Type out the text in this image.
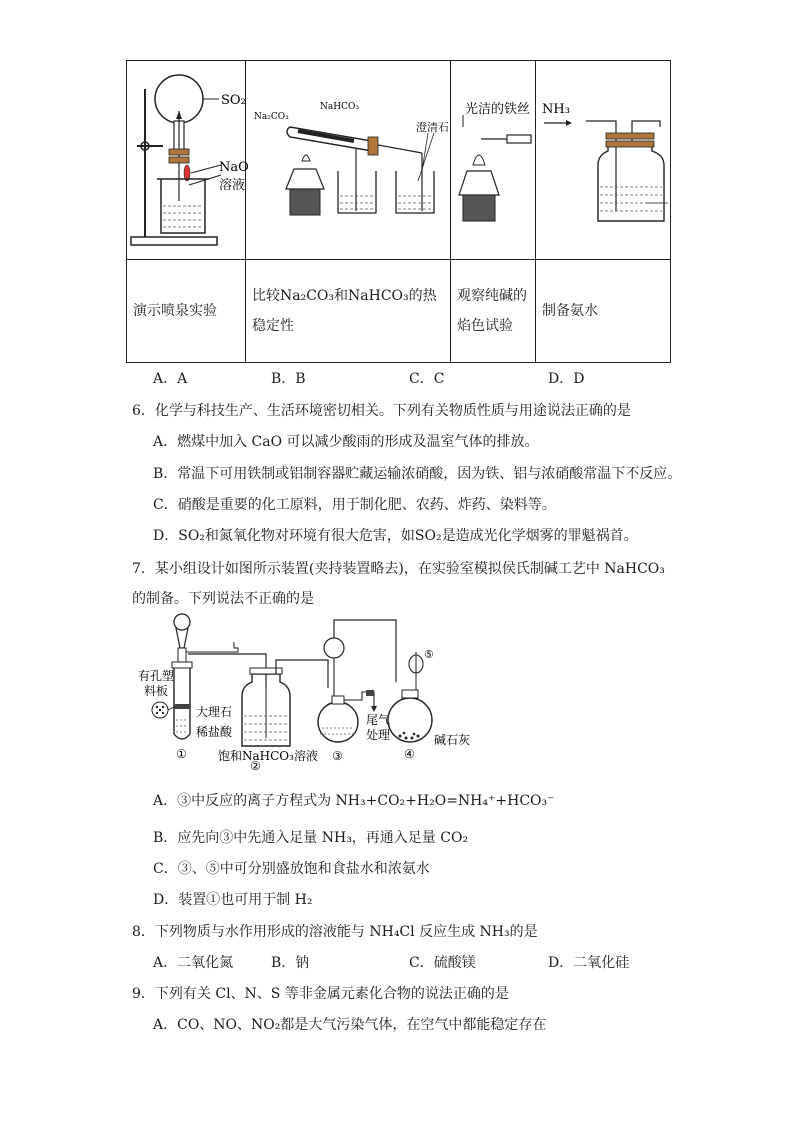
SO₂
NaO
溶液	Na₂CO₃
NaHCO₃
澄清石	光洁的铁丝	NH₃

演示喷泉实验	比较Na₂CO₃和NaHCO₃的热稳定性	观察纯碱的焰色试验	制备氨水
A．A	B．B	C．C	D．D
6．化学与科技生产、生活环境密切相关。下列有关物质性质与用途说法正确的是
A．燃煤中加入 CaO 可以减少酸雨的形成及温室气体的排放。
B．常温下可用铁制或铝制容器贮藏运输浓硝酸，因为铁、铝与浓硝酸常温下不反应。
C．硝酸是重要的化工原料，用于制化肥、农药、炸药、染料等。
D．SO₂和氮氧化物对环境有很大危害，如SO₂是造成光化学烟雾的罪魁祸首。
7．某小组设计如图所示装置(夹持装置略去)，在实验室模拟侯氏制碱工艺中 NaHCO₃
的制备。下列说法不正确的是
有孔塑
料板
大理石
稀盐酸
①	饱和NaHCO₃溶液
②
尾气
处理
③
⑤
碱石灰
④
A．③中反应的离子方程式为 NH₃+CO₂+H₂O=NH₄⁺+HCO₃⁻
B．应先向③中先通入足量 NH₃，再通入足量 CO₂
C．③、⑤中可分别盛放饱和食盐水和浓氨水
D．装置①也可用于制 H₂
8．下列物质与水作用形成的溶液能与 NH₄Cl 反应生成 NH₃的是
A．二氧化氮	B．钠	C．硫酸镁	D．二氧化硅
9．下列有关 Cl、N、S 等非金属元素化合物的说法正确的是
A．CO、NO、NO₂都是大气污染气体，在空气中都能稳定存在
